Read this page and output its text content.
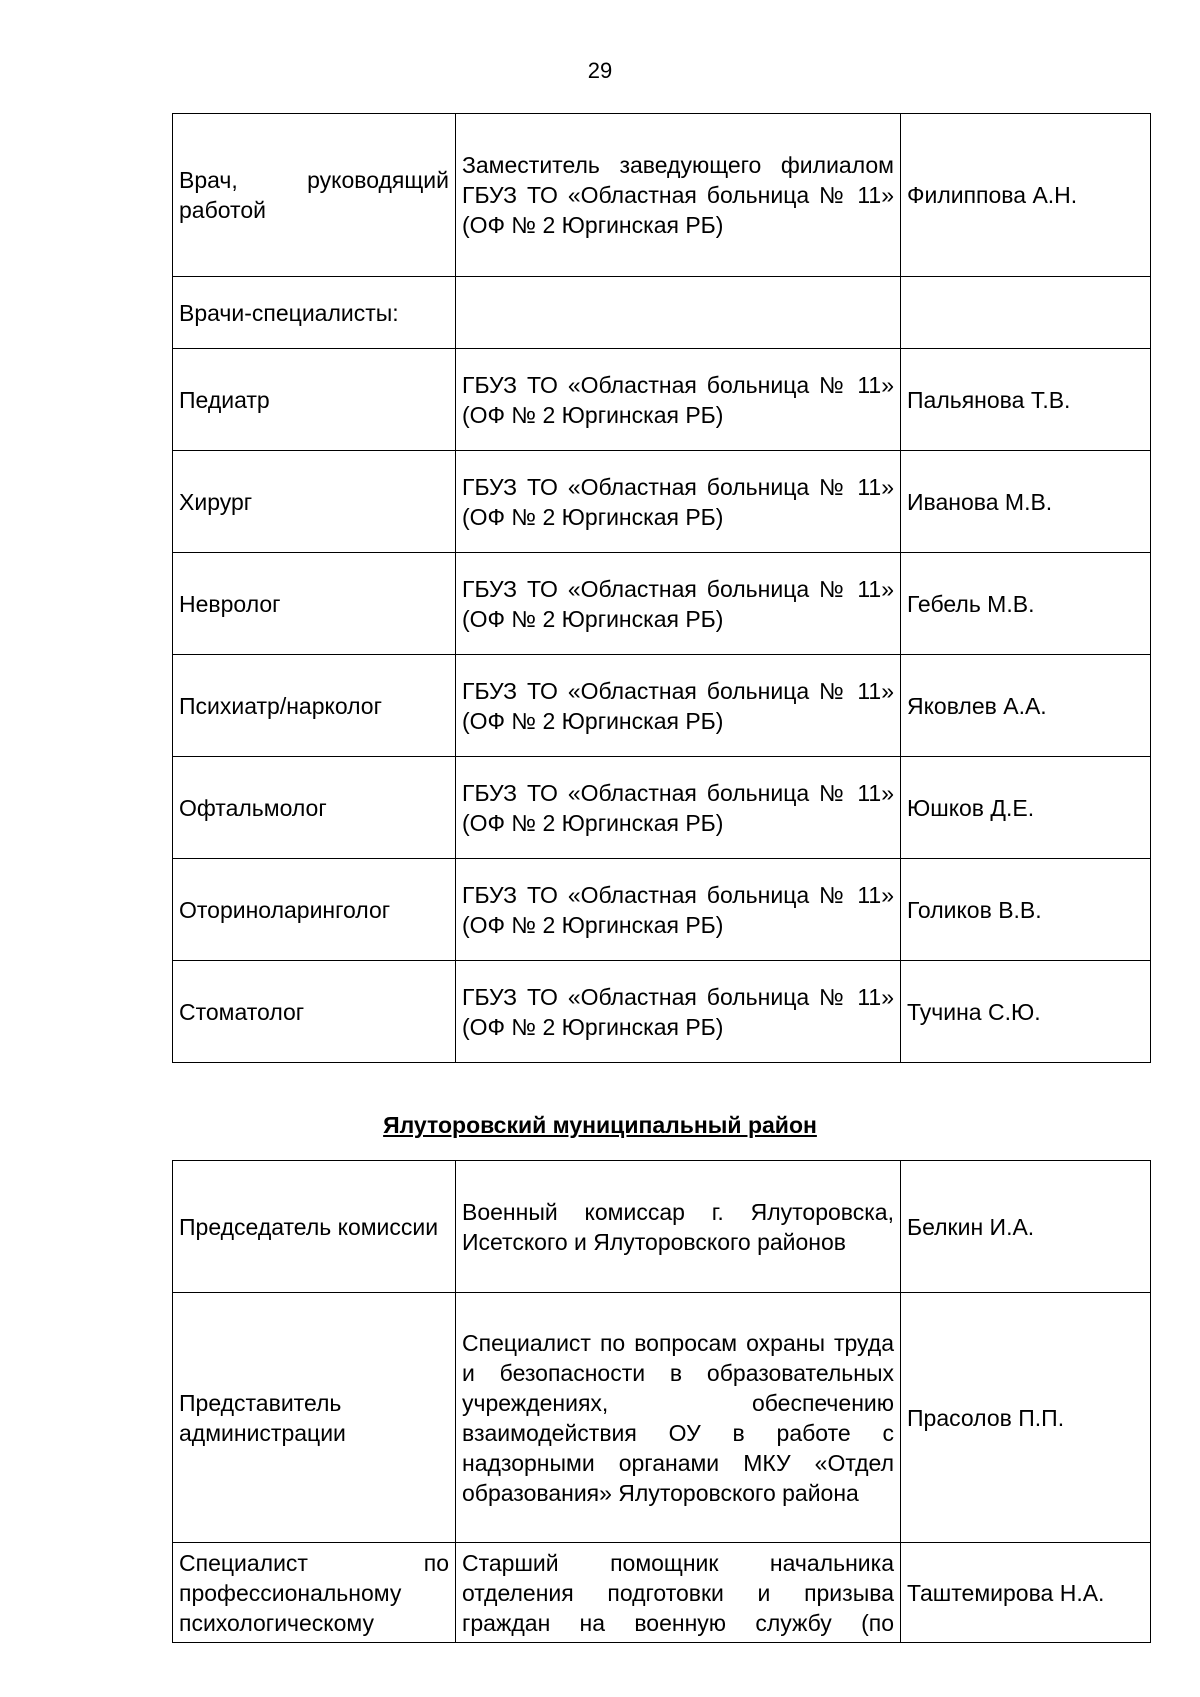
29
Врач, руководящий работой	Заместитель заведующего филиалом ГБУЗ ТО «Областная больница № 11» (ОФ № 2 Юргинская РБ)	Филиппова А.Н.
Врачи-специалисты:		
Педиатр	ГБУЗ ТО «Областная больница № 11» (ОФ № 2 Юргинская РБ)	Пальянова Т.В.
Хирург	ГБУЗ ТО «Областная больница № 11» (ОФ № 2 Юргинская РБ)	Иванова М.В.
Невролог	ГБУЗ ТО «Областная больница № 11» (ОФ № 2 Юргинская РБ)	Гебель М.В.
Психиатр/нарколог	ГБУЗ ТО «Областная больница № 11» (ОФ № 2 Юргинская РБ)	Яковлев А.А.
Офтальмолог	ГБУЗ ТО «Областная больница № 11» (ОФ № 2 Юргинская РБ)	Юшков Д.Е.
Оториноларинголог	ГБУЗ ТО «Областная больница № 11» (ОФ № 2 Юргинская РБ)	Голиков В.В.
Стоматолог	ГБУЗ ТО «Областная больница № 11» (ОФ № 2 Юргинская РБ)	Тучина С.Ю.
Ялуторовский муниципальный район
Председатель комиссии	Военный комиссар г. Ялуторовска, Исетского и Ялуторовского районов	Белкин И.А.
Представитель администрации	Специалист по вопросам охраны труда и безопасности в образовательных учреждениях, обеспечению взаимодействия ОУ в работе с надзорными органами МКУ «Отдел образования» Ялуторовского района	Прасолов П.П.
Специалист по профессиональному психологическому	Старший помощник начальника отделения подготовки и призыва граждан на военную службу (по	Таштемирова Н.А.
